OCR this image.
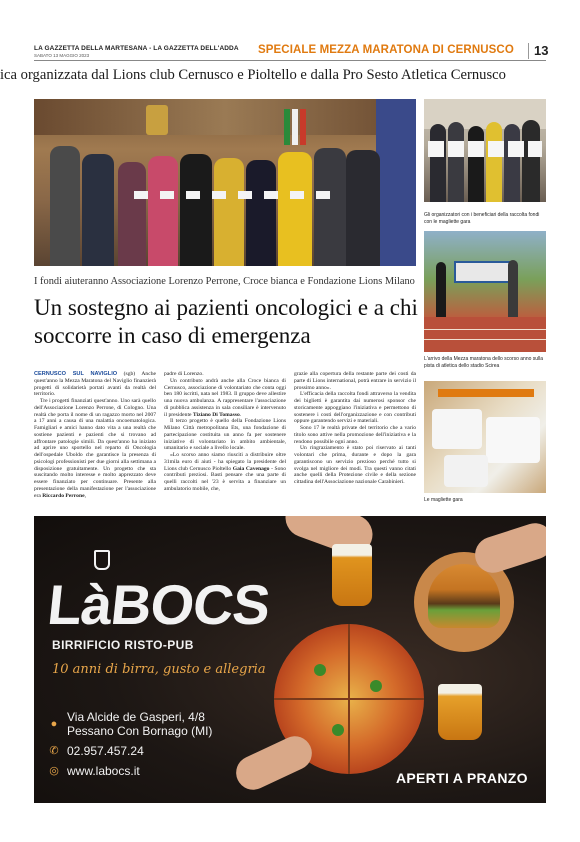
LA GAZZETTA DELLA MARTESANA - LA GAZZETTA DELL'ADDA
SABATO 13 MAGGIO 2023	SPECIALE MEZZA MARATONA DI CERNUSCO	13
ica organizzata dal Lions club Cernusco e Pioltello e dalla Pro Sesto Atletica Cernusco
Gli organizzatori con i beneficiari della raccolta fondi con le magliette gara
L'arrivo della Mezza maratona dello scorso anno sulla pista di atletica dello stadio Scirea
Le magliette gara
I fondi aiuteranno Associazione Lorenzo Perrone, Croce bianca e Fondazione Lions Milano
Un sostegno ai pazienti oncologici e a chi soccorre in caso di emergenza

CERNUSCO SUL NAVIGLIO (sgb) Anche quest'anno la Mezza Maratona del Naviglio finanzierà progetti di solidarietà portati avanti da realtà del territorio.

Tre i progetti finanziati quest'anno. Uno sarà quello dell'Associazione Lorenzo Perrone, di Cologno. Una realtà che porta il nome di un ragazzo morto nel 2007 a 17 anni a causa di una malattia oncoematologica. Famigliari e amici hanno dato vita a una realtà che sostiene pazienti e pazienti che si trovano ad affrontare patologie simili. Da quest'anno ha iniziato ad aprire uno sportello nel reparto di Oncologia dell'ospedale Uboldo che garantisce la presenza di psicologi professionisti per due giorni alla settimana a disposizione gratuitamente. Un progetto che sta suscitando molto interesse e molto apprezzato deve essere finanziato per continuare. Presente alla presentazione della manifestazione per l'associazione era Riccardo Perrone,

padre di Lorenzo.

Un contributo andrà anche alla Croce bianca di Cernusco, associazione di volontariato che conta oggi ben 180 iscritti, nata nel 1983. Il gruppo deve allestire una nuova ambulanza. A rappresentare l'associazione di pubblica assistenza in sala consiliare è intervenuto il presidente Tiziano Di Tomasso.

Il terzo progetto è quello della Fondazione Lions Milano Città metropolitana Ets, una fondazione di partecipazione costituita un anno fa per sostenere iniziative di volontariato in ambito ambientale, umanitario e sociale a livello locale.

«Lo scorso anno siamo riusciti a distribuire oltre 31mila euro di aiuti - ha spiegato la presidente del Lions club Cernusco Pioltello Gaia Cavenago - Sono contributi preziosi. Basti pensare che una parte di quelli raccolti nel '23 è servita a finanziare un ambulatorio mobile, che,

grazie alla copertura della restante parte dei costi da parte di Lions international, potrà entrare in servizio il prossimo anno».

L'efficacia della raccolta fondi attraverso la vendita dei biglietti è garantita dai numerosi sponsor che storicamente appoggiano l'iniziativa e permettono di sostenere i costi dell'organizzazione e con contributi oppure garantendo servizi e materiali.

Sono 17 le realtà private del territorio che a vario titolo sono attive nella promozione dell'iniziativa e la rendono possibile ogni anno.

Un ringraziamento è stato poi riservato ai tanti volontari che prima, durante e dopo la gara garantiscono un servizio prezioso perché tutto si svolga nel migliore dei modi. Tra questi vanno citati anche quelli della Protezione civile e della sezione cittadina dell'Associazione nazionale Carabinieri.

LàBOCS
BIRRIFICIO RISTO-PUB
10 anni di birra, gusto e allegria
● Via Alcide de Gasperi, 4/8
Pessano Con Bornago (MI)
✆ 02.957.457.24
◎ www.labocs.it	APERTI A PRANZO
